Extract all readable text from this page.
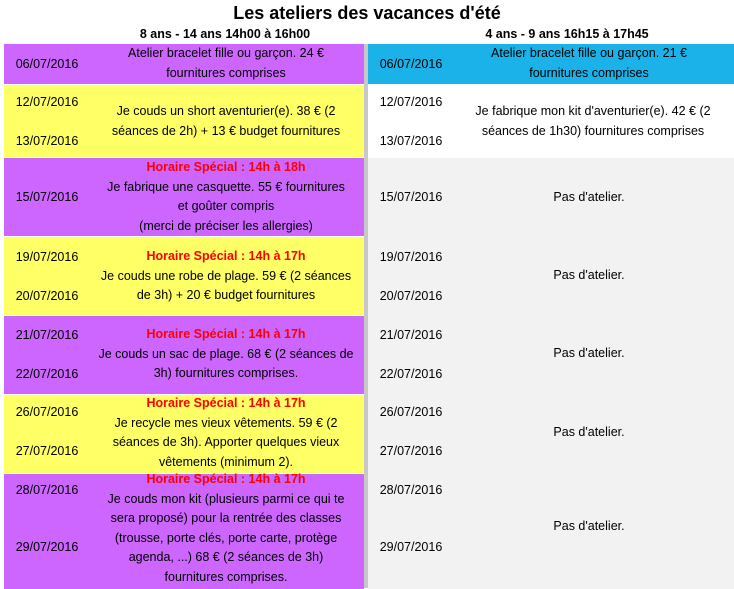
Les ateliers des vacances d'été
8 ans - 14 ans 14h00 à 16h00	4 ans - 9 ans 16h15 à 17h45
06/07/2016
Atelier bracelet fille ou garçon. 24 €
fournitures comprises
12/07/2016
13/07/2016
Je couds un short aventurier(e). 38 € (2
séances de 2h) + 13 € budget fournitures
15/07/2016
Horaire Spécial : 14h à 18h
Je fabrique une casquette. 55 € fournitures
et goûter compris
(merci de préciser les allergies)
19/07/2016
20/07/2016
Horaire Spécial : 14h à 17h
Je couds une robe de plage. 59 € (2 séances
de 3h) + 20 € budget fournitures
21/07/2016
22/07/2016
Horaire Spécial : 14h à 17h
Je couds un sac de plage. 68 € (2 séances de
3h) fournitures comprises.
26/07/2016
27/07/2016
Horaire Spécial : 14h à 17h
Je recycle mes vieux vêtements. 59 € (2
séances de 3h). Apporter quelques vieux
vêtements (minimum 2).
28/07/2016
29/07/2016
Horaire Spécial : 14h à 17h
Je couds mon kit (plusieurs parmi ce qui te
sera proposé) pour la rentrée des classes
(trousse, porte clés, porte carte, protège
agenda, ...) 68 € (2 séances de 3h)
fournitures comprises.
06/07/2016
Atelier bracelet fille ou garçon. 21 €
fournitures comprises
12/07/2016
13/07/2016
Je fabrique mon kit d'aventurier(e). 42 € (2
séances de 1h30) fournitures comprises
15/07/2016	Pas d'atelier.
19/07/2016
20/07/2016
Pas d'atelier.
21/07/2016
22/07/2016
Pas d'atelier.
26/07/2016
27/07/2016
Pas d'atelier.
28/07/2016
29/07/2016
Pas d'atelier.
